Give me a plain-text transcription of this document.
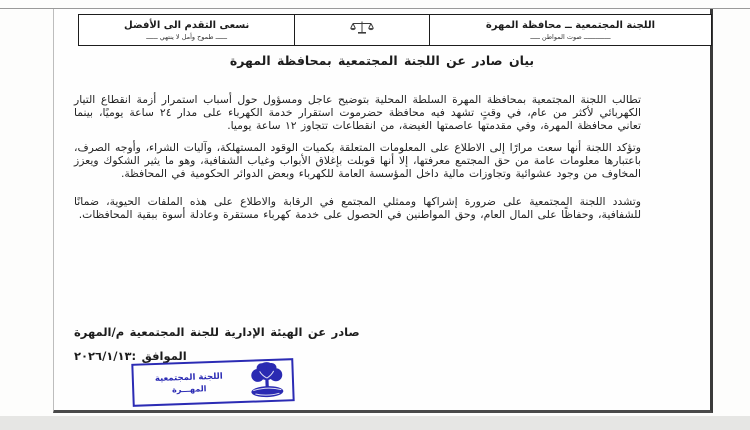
اللجنة المجتمعية ــ محافظة المهرة
ــــــــــــــ صوت المواطن ـــــ
نسعى التقدم الى الأفضل
ــــــ طموح وأمل لا ينتهي ــــــ
بيان صادر عن اللجنة المجتمعية بمحافظة المهرة

تطالب اللجنة المجتمعية بمحافظة المهرة السلطة المحلية بتوضيح عاجل ومسؤول حول أسباب استمرار أزمة انقطاع التيار الكهربائي لأكثر من عام، في وقتٍ تشهد فيه محافظة حضرموت استقرار خدمة الكهرباء على مدار ٢٤ ساعة يوميًا، بينما تعاني محافظة المهرة، وفي مقدمتها عاصمتها الغيضة، من انقطاعات تتجاوز ١٢ ساعة يوميا.

وتؤكد اللجنة أنها سعت مرارًا إلى الاطلاع على المعلومات المتعلقة بكميات الوقود المستهلكة، وآليات الشراء، وأوجه الصرف، باعتبارها معلومات عامة من حق المجتمع معرفتها، إلا أنها قوبلت بإغلاق الأبواب وغياب الشفافية، وهو ما يثير الشكوك ويعزز المخاوف من وجود عشوائية وتجاوزات مالية داخل المؤسسة العامة للكهرباء وبعض الدوائر الحكومية في المحافظة.

وتشدد اللجنة المجتمعية على ضرورة إشراكها وممثلي المجتمع في الرقابة والاطلاع على هذه الملفات الحيوية، ضمانًا للشفافية، وحفاظًا على المال العام، وحق المواطنين في الحصول على خدمة كهرباء مستقرة وعادلة أسوة ببقية المحافظات.

صادر عن الهيئة الإدارية للجنة المجتمعية م/المهرة
الموافق :٢٠٢٦/١/١٣
اللجنة المجتمعية
المهـــرة
